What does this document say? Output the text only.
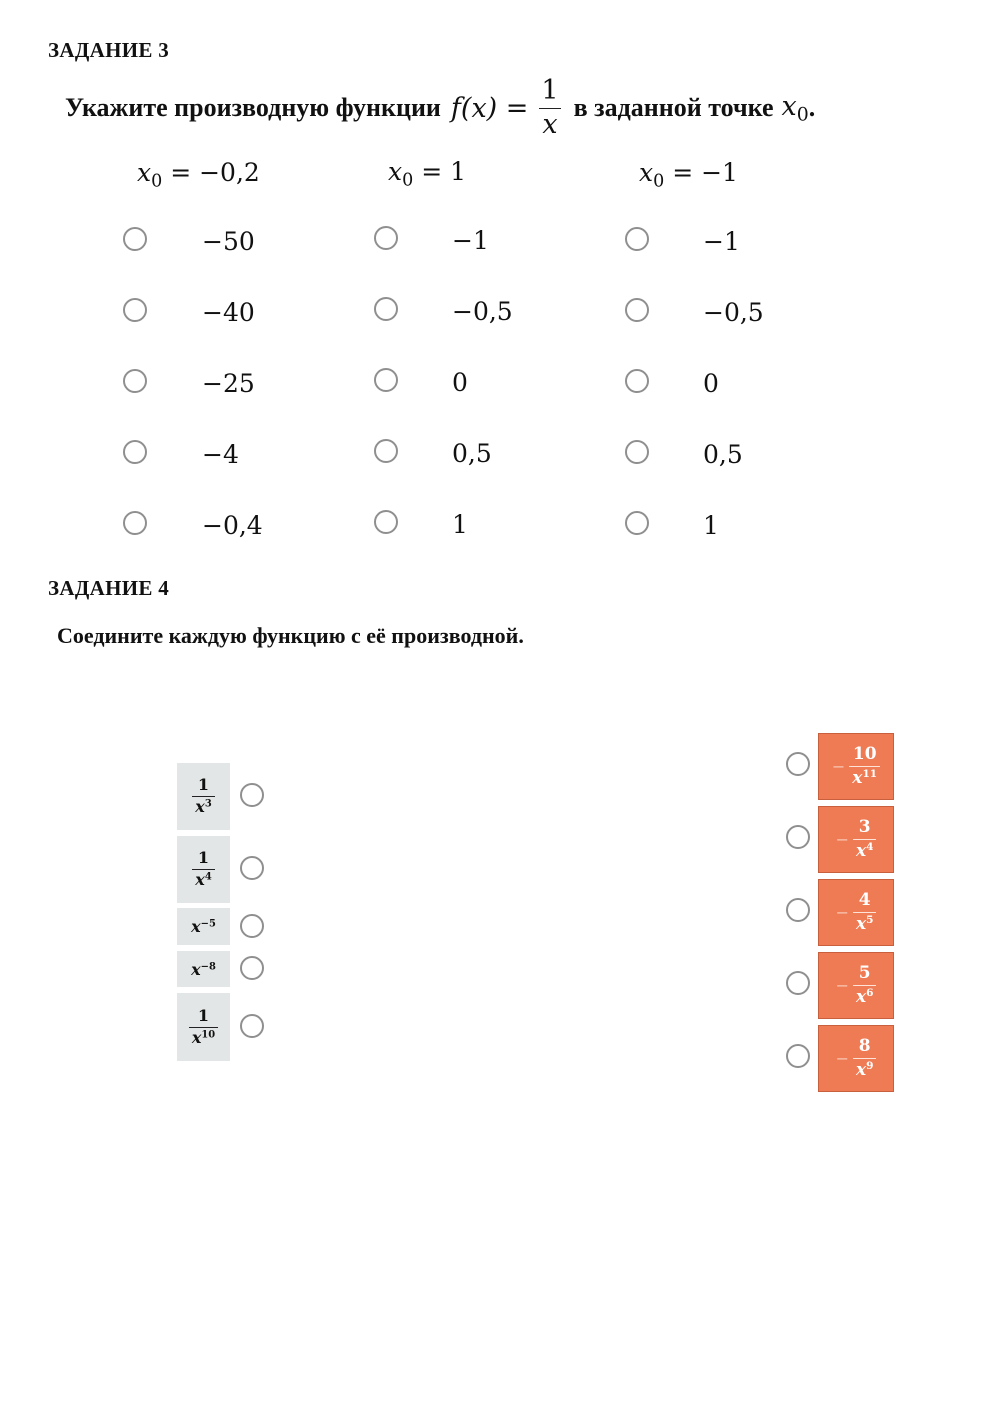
ЗАДАНИЕ 3
Укажите производную функции $f(x) = \frac{1}{x}$ в заданной точке $x_0$ .
$x_0 = -0,2$	$x_0 = 1$	$x_0 = -1$
−50
−40
−25
−4
−0,4
−1
−0,5
0
0,5
1
−1
−0,5
0
0,5
1
ЗАДАНИЕ 4
Соедините каждую функцию с её производной.
$\frac{1}{x^3}$
$\frac{1}{x^4}$
$x^{-5}$
$x^{-8}$
$\frac{1}{x^{10}}$
− $\frac{10}{x^{11}}$
− $\frac{3}{x^4}$
− $\frac{4}{x^5}$
− $\frac{5}{x^6}$
− $\frac{8}{x^9}$
